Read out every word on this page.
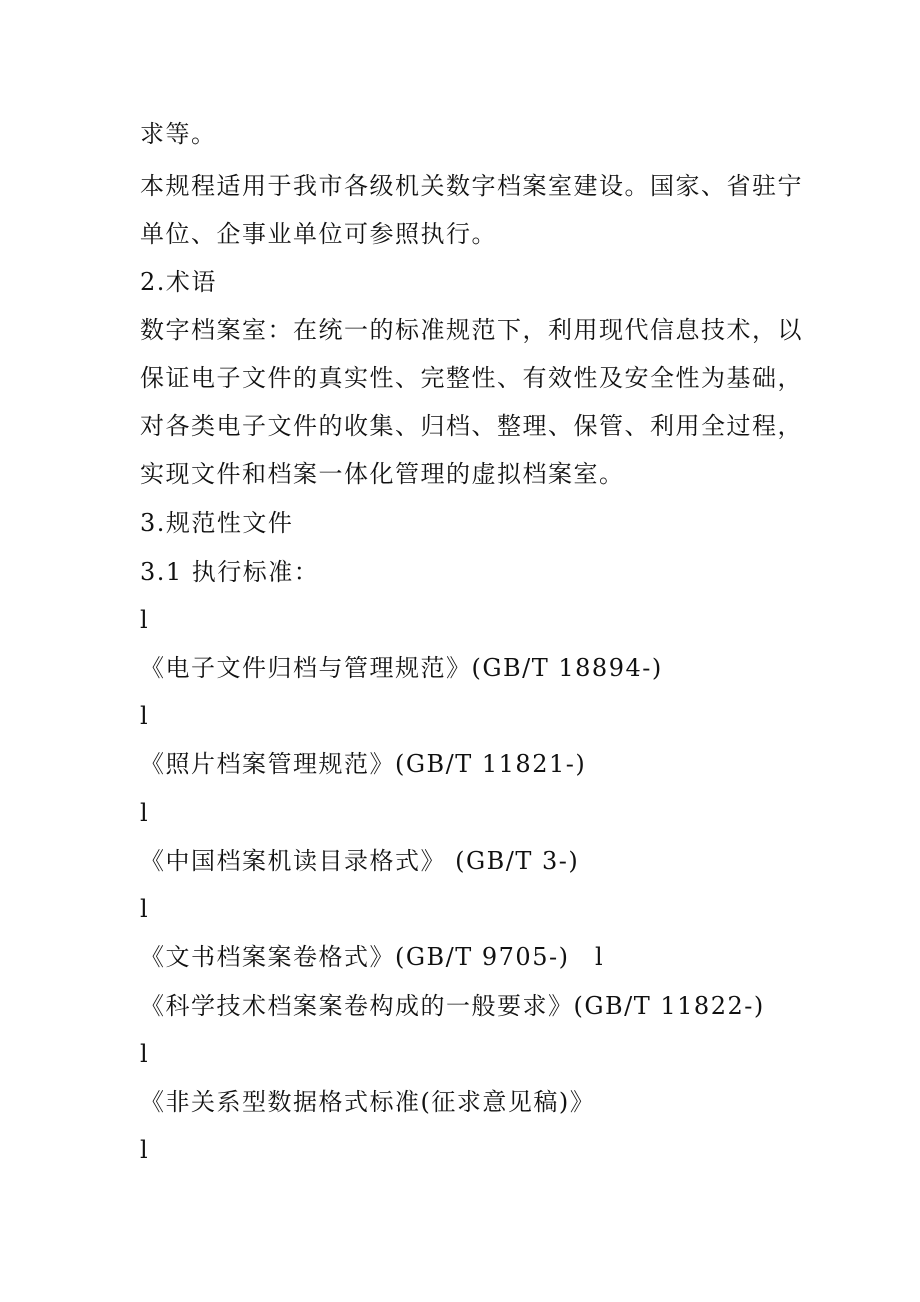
求等。
本规程适用于我市各级机关数字档案室建设。国家、省驻宁
单位、企事业单位可参照执行。
2.术语
数字档案室：在统一的标准规范下，利用现代信息技术，以
保证电子文件的真实性、完整性、有效性及安全性为基础，
对各类电子文件的收集、归档、整理、保管、利用全过程，
实现文件和档案一体化管理的虚拟档案室。
3.规范性文件
3.1 执行标准：
l
《电子文件归档与管理规范》(GB/T 18894-)
l
《照片档案管理规范》(GB/T 11821-)
l
《中国档案机读目录格式》 (GB/T 3-)
l
《文书档案案卷格式》(GB/T 9705-)　l
《科学技术档案案卷构成的一般要求》(GB/T 11822-)
l
《非关系型数据格式标准(征求意见稿)》
l
